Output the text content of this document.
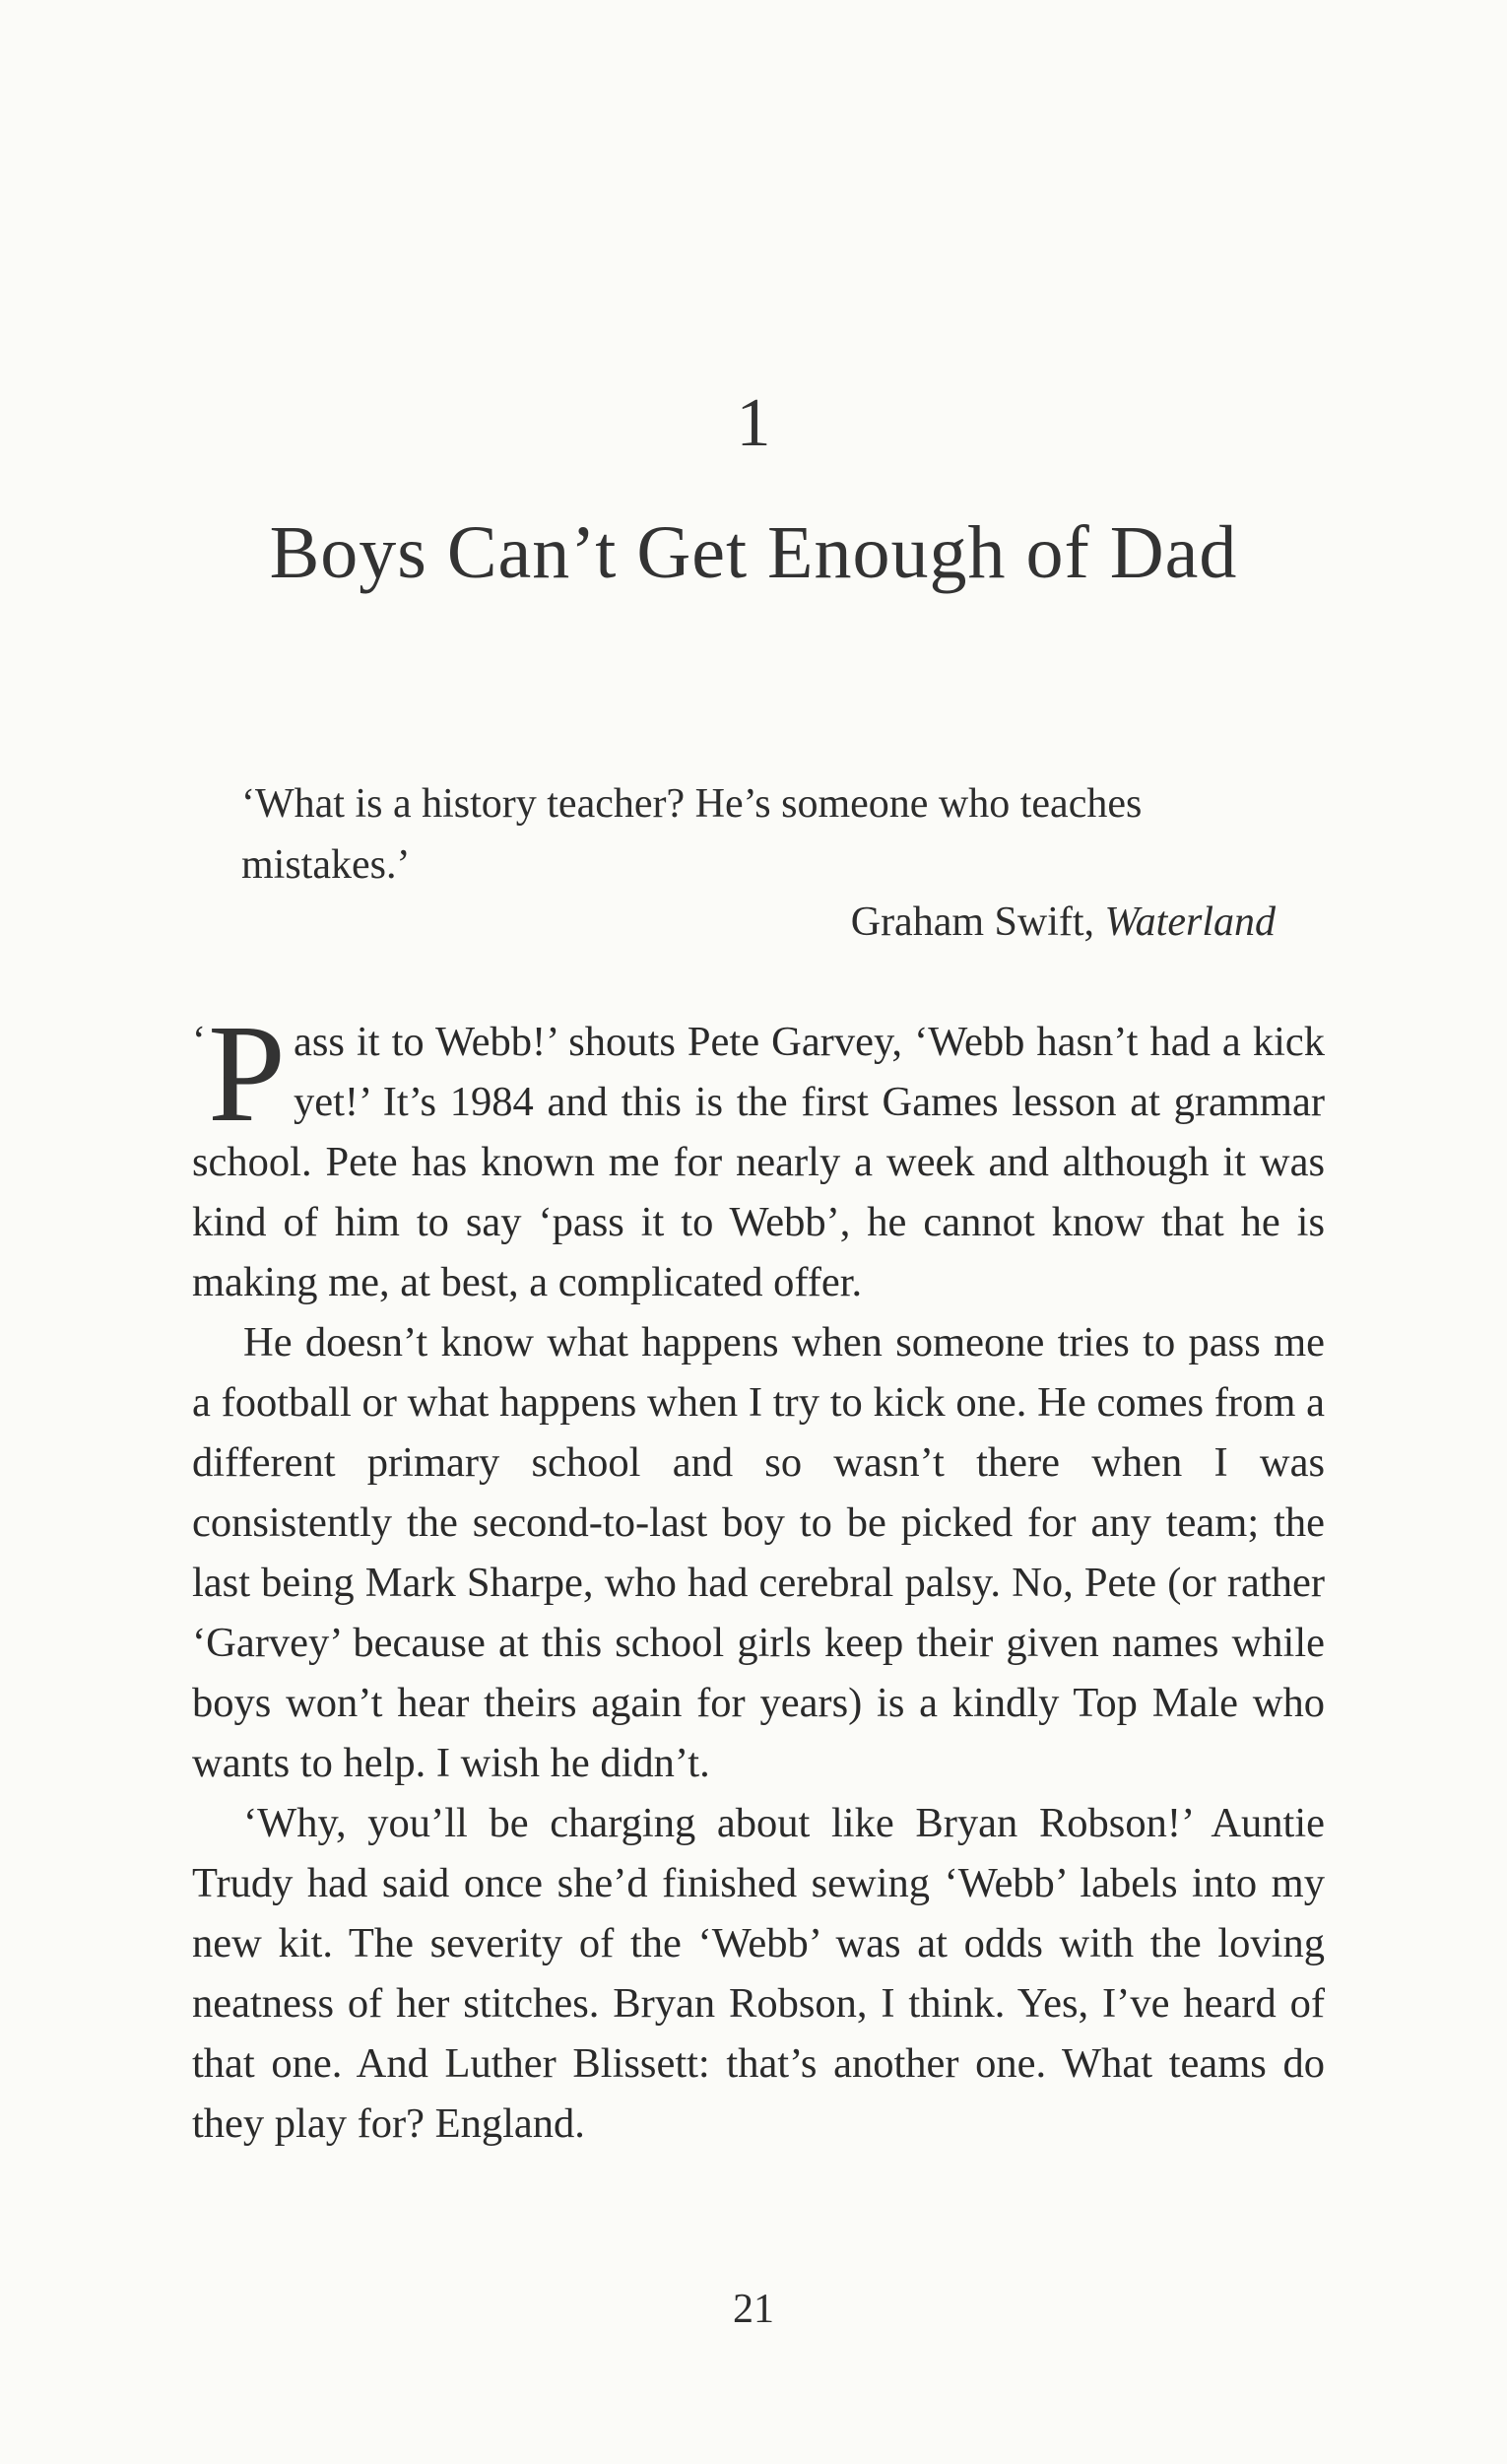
1
Boys Can’t Get Enough of Dad
‘What is a history teacher? He’s someone who teaches mistakes.’
Graham Swift, Waterland

‘ P ass it to Webb!’ shouts Pete Garvey, ‘Webb hasn’t had a kick yet!’ It’s 1984 and this is the first Games lesson at grammar school. Pete has known me for nearly a week and although it was kind of him to say ‘pass it to Webb’, he cannot know that he is making me, at best, a complicated offer.

He doesn’t know what happens when someone tries to pass me a football or what happens when I try to kick one. He comes from a different primary school and so wasn’t there when I was consistently the second-to-last boy to be picked for any team; the last being Mark Sharpe, who had cerebral palsy. No, Pete (or rather ‘Garvey’ because at this school girls keep their given names while boys won’t hear theirs again for years) is a kindly Top Male who wants to help. I wish he didn’t.

‘Why, you’ll be charging about like Bryan Robson!’ Auntie Trudy had said once she’d finished sewing ‘Webb’ labels into my new kit. The severity of the ‘Webb’ was at odds with the loving neatness of her stitches. Bryan Robson, I think. Yes, I’ve heard of that one. And Luther Blissett: that’s another one. What teams do they play for? England.

21
